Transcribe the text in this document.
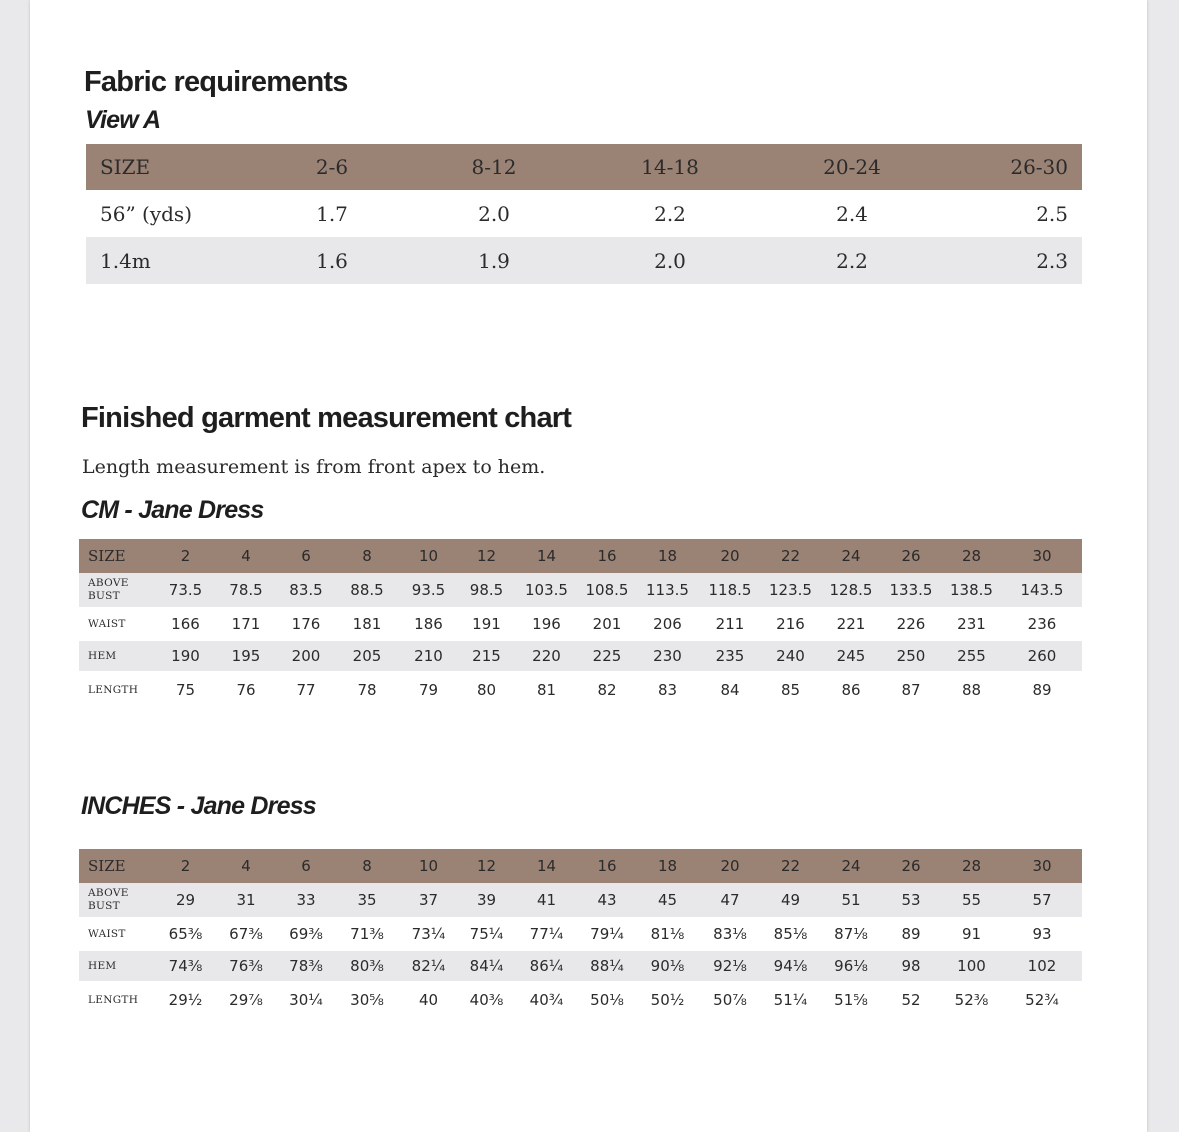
Fabric requirements
View A
SIZE	2-6	8-12	14-18	20-24	26-30
56” (yds)	1.7	2.0	2.2	2.4	2.5
1.4m	1.6	1.9	2.0	2.2	2.3
Finished garment measurement chart

Length measurement is from front apex to hem.

CM - Jane Dress
SIZE	2	4	6	8	10	12	14	16	18	20	22	24	26	28	30	
ABOVE
BUST	73.5	78.5	83.5	88.5	93.5	98.5	103.5	108.5	113.5	118.5	123.5	128.5	133.5	138.5	143.5	
WAIST	166	171	176	181	186	191	196	201	206	211	216	221	226	231	236	
HEM	190	195	200	205	210	215	220	225	230	235	240	245	250	255	260	
LENGTH	75	76	77	78	79	80	81	82	83	84	85	86	87	88	89	
INCHES - Jane Dress
SIZE	2	4	6	8	10	12	14	16	18	20	22	24	26	28	30	
ABOVE
BUST	29	31	33	35	37	39	41	43	45	47	49	51	53	55	57	
WAIST	65⅜	67⅜	69⅜	71⅜	73¼	75¼	77¼	79¼	81⅛	83⅛	85⅛	87⅛	89	91	93	
HEM	74⅜	76⅜	78⅜	80⅜	82¼	84¼	86¼	88¼	90⅛	92⅛	94⅛	96⅛	98	100	102	
LENGTH	29½	29⅞	30¼	30⅝	40	40⅜	40¾	50⅛	50½	50⅞	51¼	51⅝	52	52⅜	52¾	
